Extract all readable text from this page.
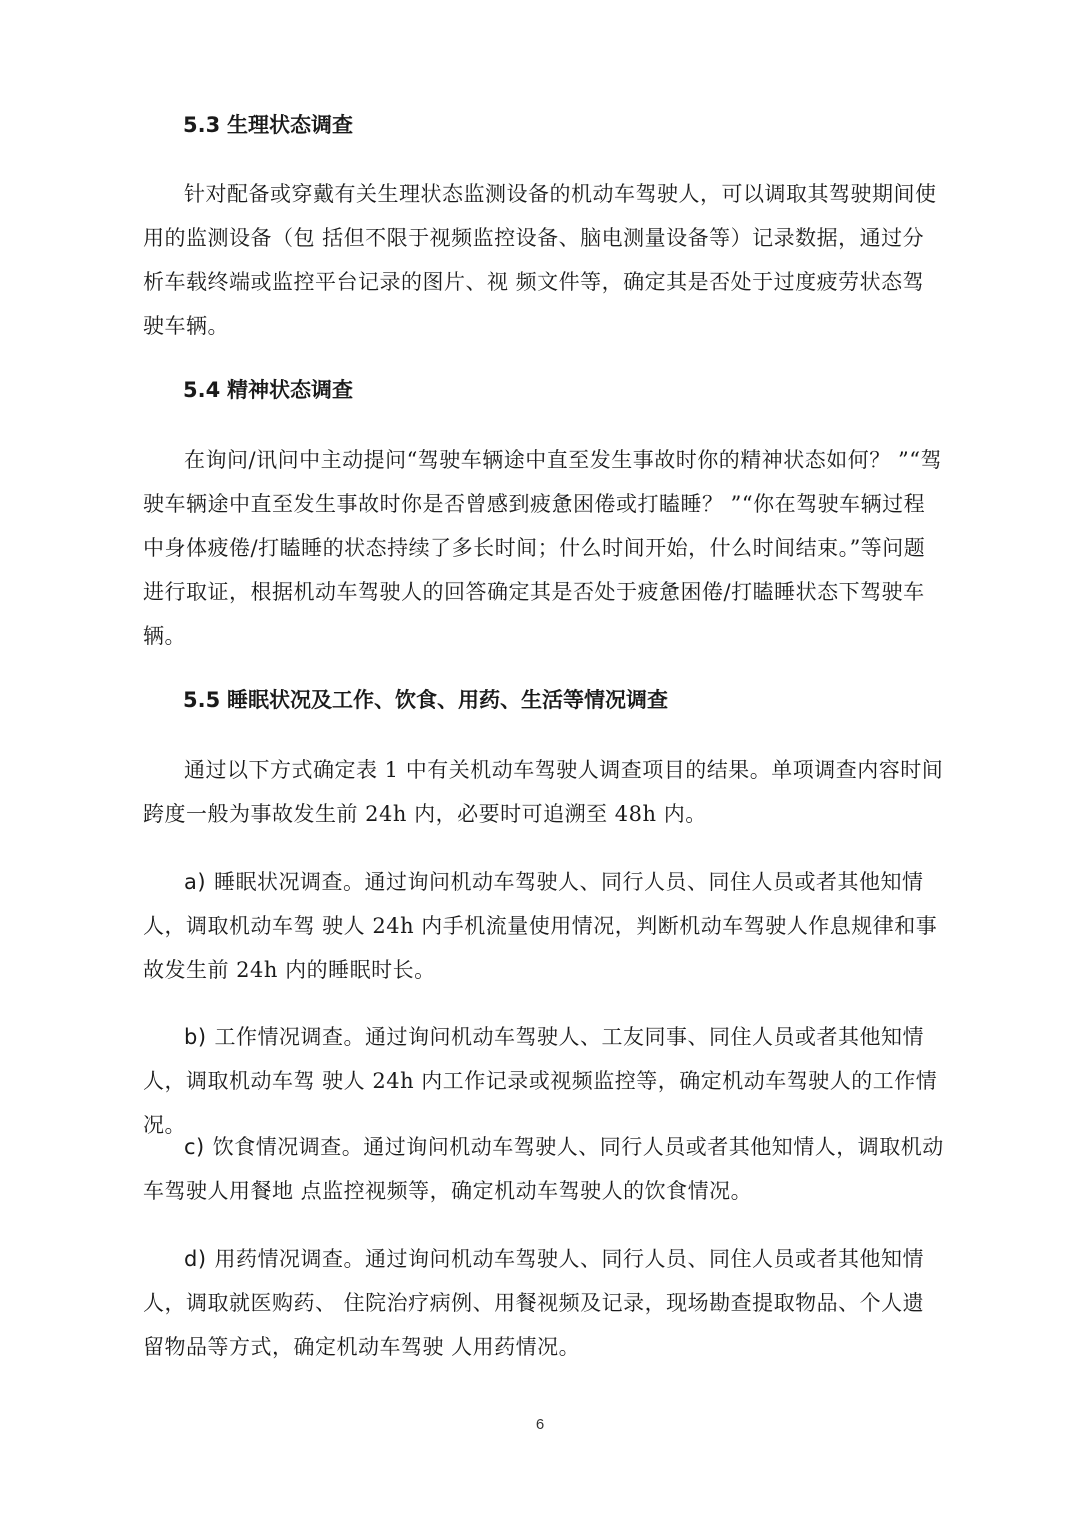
5.3 生理状态调查

针对配备或穿戴有关生理状态监测设备的机动车驾驶人，可以调取其驾驶期间使用的监测设备（包 括但不限于视频监控设备、脑电测量设备等）记录数据，通过分析车载终端或监控平台记录的图片、视 频文件等，确定其是否处于过度疲劳状态驾驶车辆。

5.4 精神状态调查

在询问/讯问中主动提问“驾驶车辆途中直至发生事故时你的精神状态如何？ ”“驾驶车辆途中直至发生事故时你是否曾感到疲惫困倦或打瞌睡？ ”“你在驾驶车辆过程中身体疲倦/打瞌睡的状态持续了多长时间；什么时间开始，什么时间结束。”等问题进行取证，根据机动车驾驶人的回答确定其是否处于疲惫困倦/打瞌睡状态下驾驶车辆。

5.5 睡眠状况及工作、饮食、用药、生活等情况调查

通过以下方式确定表 1 中有关机动车驾驶人调查项目的结果。单项调查内容时间跨度一般为事故发生前 24h 内，必要时可追溯至 48h 内。

a) 睡眠状况调查。通过询问机动车驾驶人、同行人员、同住人员或者其他知情人，调取机动车驾 驶人 24h 内手机流量使用情况，判断机动车驾驶人作息规律和事故发生前 24h 内的睡眠时长。

b) 工作情况调查。通过询问机动车驾驶人、工友同事、同住人员或者其他知情人，调取机动车驾 驶人 24h 内工作记录或视频监控等，确定机动车驾驶人的工作情况。

c) 饮食情况调查。通过询问机动车驾驶人、同行人员或者其他知情人，调取机动车驾驶人用餐地 点监控视频等，确定机动车驾驶人的饮食情况。

d) 用药情况调查。通过询问机动车驾驶人、同行人员、同住人员或者其他知情人，调取就医购药、 住院治疗病例、用餐视频及记录，现场勘查提取物品、个人遗留物品等方式，确定机动车驾驶 人用药情况。

6
